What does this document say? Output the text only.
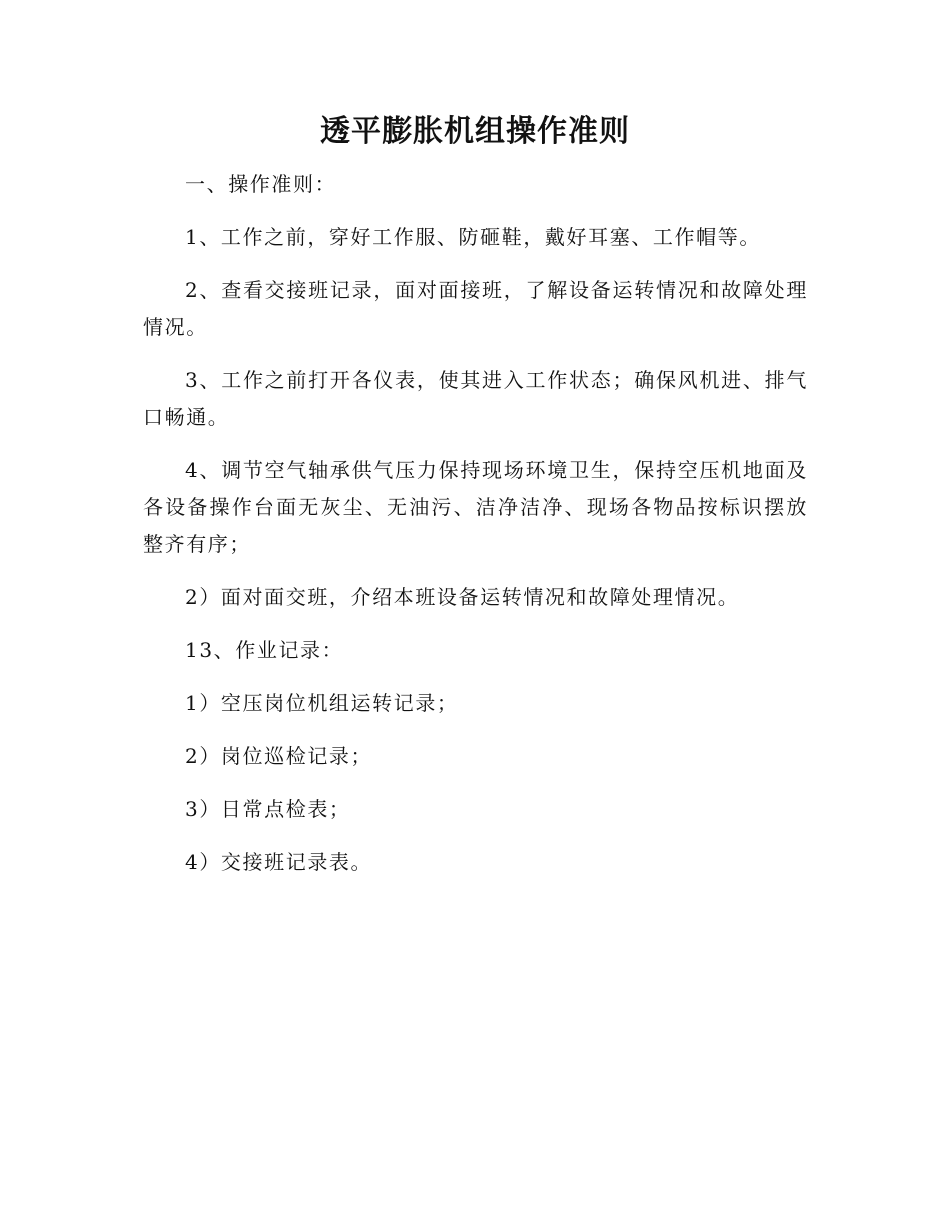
透平膨胀机组操作准则

一、操作准则：

1、工作之前，穿好工作服、防砸鞋，戴好耳塞、工作帽等。

2、查看交接班记录，面对面接班，了解设备运转情况和故障处理情况。

3、工作之前打开各仪表，使其进入工作状态；确保风机进、排气口畅通。

4、调节空气轴承供气压力保持现场环境卫生，保持空压机地面及各设备操作台面无灰尘、无油污、洁净洁净、现场各物品按标识摆放整齐有序；

2）面对面交班，介绍本班设备运转情况和故障处理情况。

13、作业记录：

1）空压岗位机组运转记录；

2）岗位巡检记录；

3）日常点检表；

4）交接班记录表。
